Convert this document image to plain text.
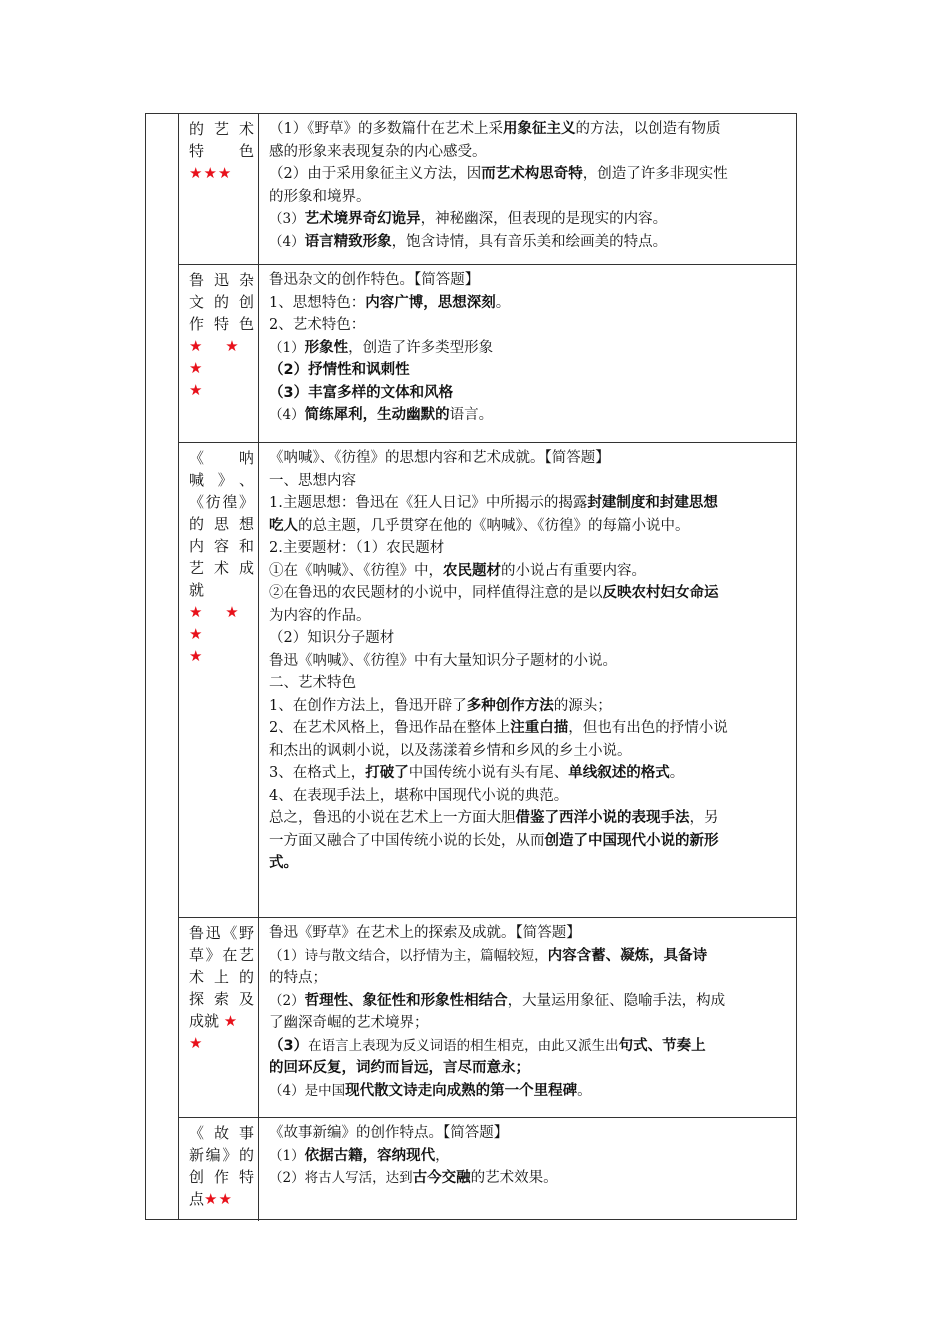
的艺术
特色
★★★

（1）《野草》的多数篇什在艺术上采用象征主义的方法，以创造有物质

感的形象来表现复杂的内心感受。

（2）由于采用象征主义方法，因而艺术构思奇特，创造了许多非现实性

的形象和境界。

（3）艺术境界奇幻诡异，神秘幽深，但表现的是现实的内容。

（4）语言精致形象，饱含诗情，具有音乐美和绘画美的特点。

鲁迅杂
文的创
作特色
★ ★ ★
★

鲁迅杂文的创作特色。【简答题】

1、思想特色：内容广博，思想深刻。

2、艺术特色：

（1）形象性，创造了许多类型形象

（2）抒情性和讽刺性

（3）丰富多样的文体和风格

（4）简练犀利，生动幽默的语言。

《呐喊》、
《彷徨》
的思想
内容和
艺术成
就
★ ★ ★
★

《呐喊》、《彷徨》的思想内容和艺术成就。【简答题】

一、思想内容

1.主题思想：鲁迅在《狂人日记》中所揭示的揭露封建制度和封建思想

吃人的总主题，几乎贯穿在他的《呐喊》、《彷徨》的每篇小说中。

2.主要题材：（1）农民题材

①在《呐喊》、《彷徨》中，农民题材的小说占有重要内容。

②在鲁迅的农民题材的小说中，同样值得注意的是以反映农村妇女命运

为内容的作品。

（2）知识分子题材

鲁迅《呐喊》、《彷徨》中有大量知识分子题材的小说。

二、艺术特色

1、在创作方法上，鲁迅开辟了多种创作方法的源头；

2、在艺术风格上，鲁迅作品在整体上注重白描，但也有出色的抒情小说

和杰出的讽刺小说，以及荡漾着乡情和乡风的乡土小说。

3、在格式上，打破了中国传统小说有头有尾、单线叙述的格式。

4、在表现手法上，堪称中国现代小说的典范。

总之，鲁迅的小说在艺术上一方面大胆借鉴了西洋小说的表现手法，另

一方面又融合了中国传统小说的长处，从而创造了中国现代小说的新形

式。

鲁迅《野
草》在艺
术上的
探索及
成就 ★
★

鲁迅《野草》在艺术上的探索及成就。【简答题】

（1）诗与散文结合，以抒情为主，篇幅较短，内容含蓄、凝炼，具备诗

的特点；

（2）哲理性、象征性和形象性相结合，大量运用象征、隐喻手法，构成

了幽深奇崛的艺术境界；

（3）在语言上表现为反义词语的相生相克，由此又派生出句式、节奏上

的回环反复，词约而旨远，言尽而意永；

（4）是中国现代散文诗走向成熟的第一个里程碑。

《故事
新编》的
创作特
点★★

《故事新编》的创作特点。【简答题】

（1）依据古籍，容纳现代，

（2）将古人写活，达到古今交融的艺术效果。
